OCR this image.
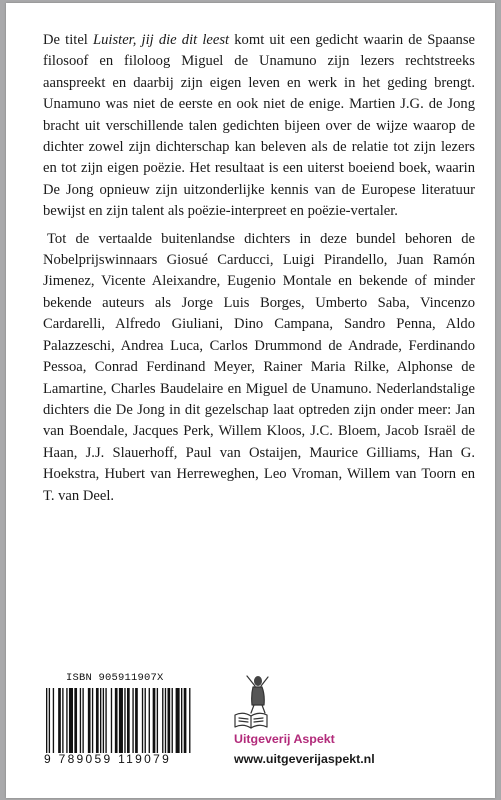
De titel Luister, jij die dit leest komt uit een gedicht waarin de Spaanse filosoof en filoloog Miguel de Unamuno zijn lezers rechtstreeks aanspreekt en daarbij zijn eigen leven en werk in het geding brengt. Unamuno was niet de eerste en ook niet de enige. Martien J.G. de Jong bracht uit verschillende talen gedichten bijeen over de wijze waarop de dichter zowel zijn dichterschap kan beleven als de relatie tot zijn lezers en tot zijn eigen poëzie. Het resultaat is een uiterst boeiend boek, waarin De Jong opnieuw zijn uitzonderlijke kennis van de Europese literatuur bewijst en zijn talent als poëzie-interpreet en poëzie-vertaler.

Tot de vertaalde buitenlandse dichters in deze bundel behoren de Nobelprijswinnaars Giosué Carducci, Luigi Pirandello, Juan Ramón Jimenez, Vicente Aleixandre, Eugenio Montale en bekende of minder bekende auteurs als Jorge Luis Borges, Umberto Saba, Vincenzo Cardarelli, Alfredo Giuliani, Dino Campana, Sandro Penna, Aldo Palazzeschi, Andrea Luca, Carlos Drummond de Andrade, Ferdinando Pessoa, Conrad Ferdinand Meyer, Rainer Maria Rilke, Alphonse de Lamartine, Charles Baudelaire en Miguel de Unamuno. Nederlandstalige dichters die De Jong in dit gezelschap laat optreden zijn onder meer: Jan van Boendale, Jacques Perk, Willem Kloos, J.C. Bloem, Jacob Israël de Haan, J.J. Slauerhoff, Paul van Ostaijen, Maurice Gilliams, Han G. Hoekstra, Hubert van Herreweghen, Leo Vroman, Willem van Toorn en T. van Deel.

ISBN 905911907X
9 789059 119079
Uitgeverij Aspekt
www.uitgeverijaspekt.nl
